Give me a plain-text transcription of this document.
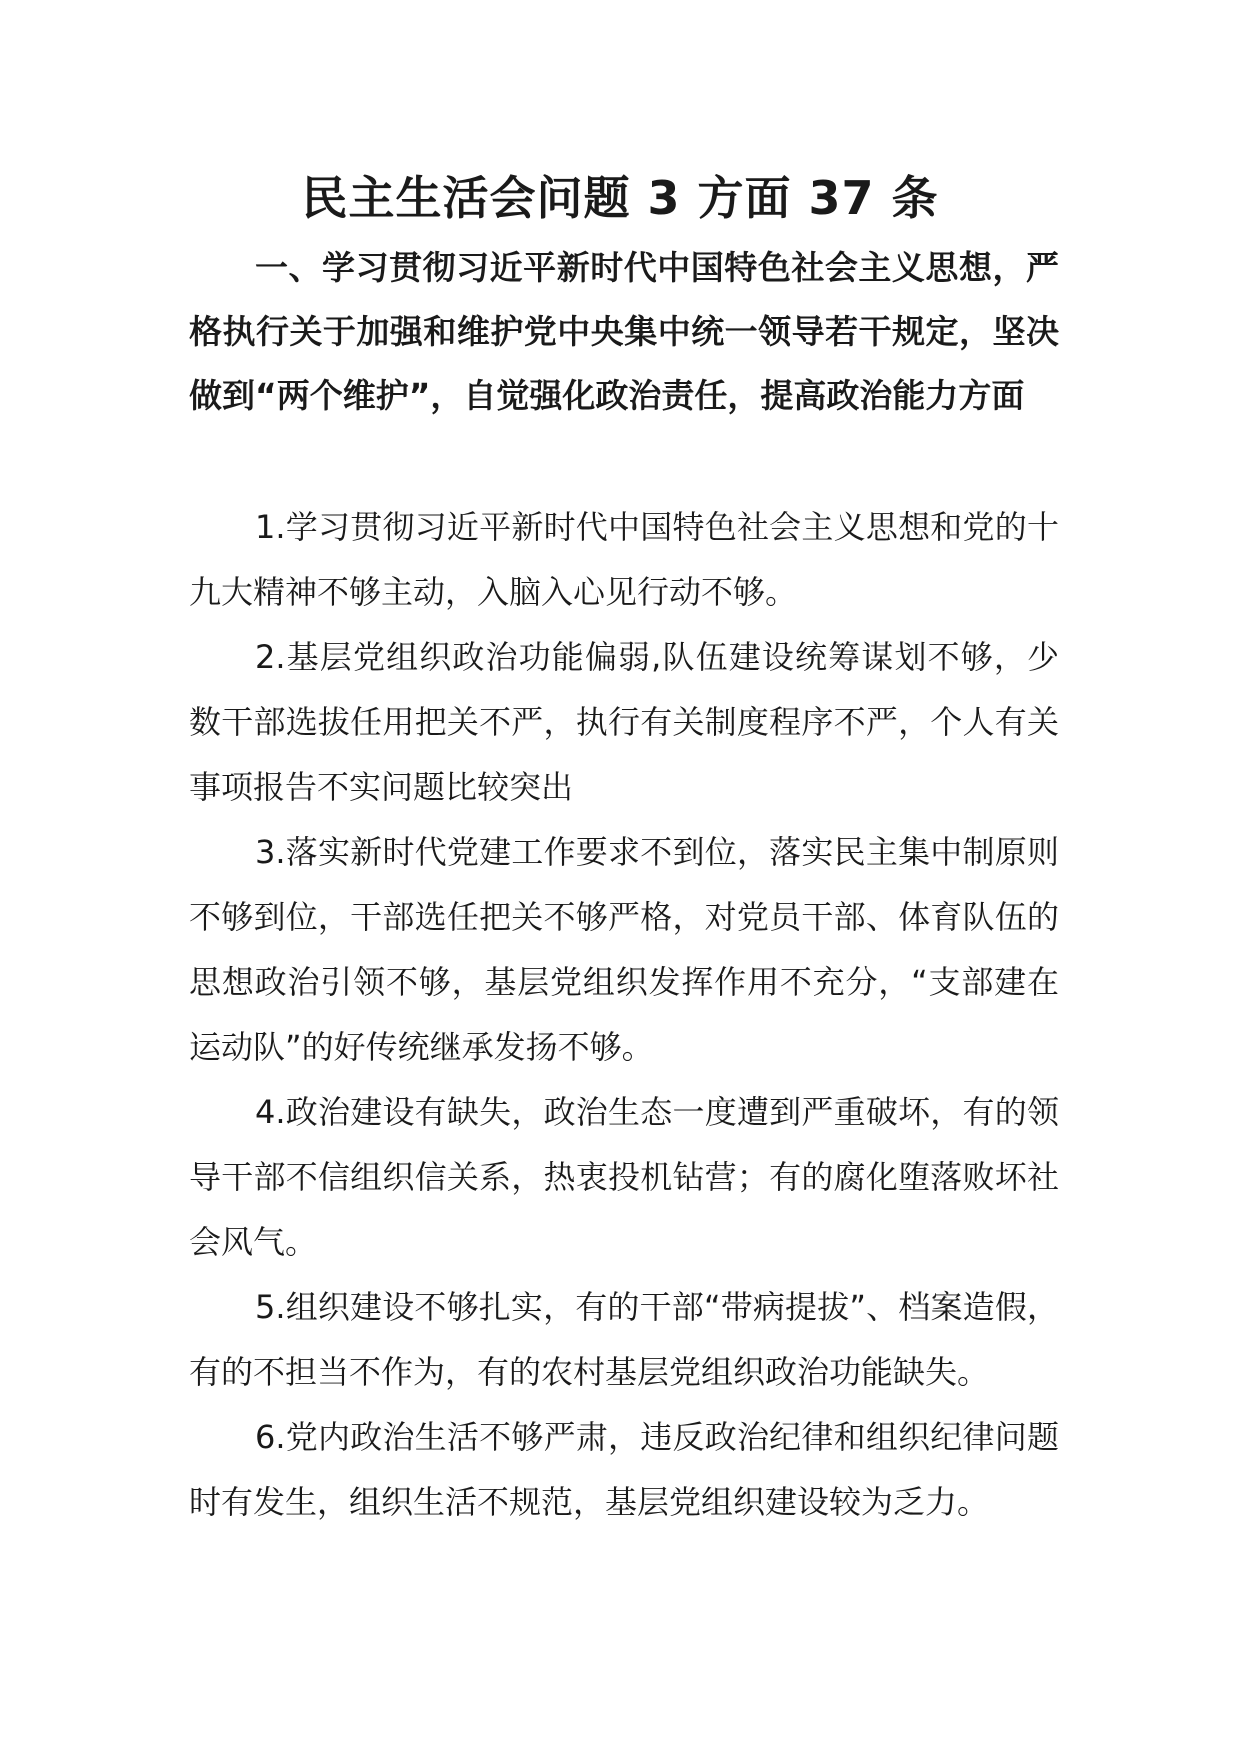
民主生活会问题 3 方面 37 条

一、学习贯彻习近平新时代中国特色社会主义思想，严格执行关于加强和维护党中央集中统一领导若干规定，坚决做到“两个维护”，自觉强化政治责任，提高政治能力方面

1.学习贯彻习近平新时代中国特色社会主义思想和党的十九大精神不够主动，入脑入心见行动不够。

2.基层党组织政治功能偏弱,队伍建设统筹谋划不够，少数干部选拔任用把关不严，执行有关制度程序不严，个人有关事项报告不实问题比较突出

3.落实新时代党建工作要求不到位，落实民主集中制原则不够到位，干部选任把关不够严格，对党员干部、体育队伍的思想政治引领不够，基层党组织发挥作用不充分，“支部建在运动队”的好传统继承发扬不够。

4.政治建设有缺失，政治生态一度遭到严重破坏，有的领导干部不信组织信关系，热衷投机钻营；有的腐化堕落败坏社会风气。

5.组织建设不够扎实，有的干部“带病提拔”、档案造假，有的不担当不作为，有的农村基层党组织政治功能缺失。

6.党内政治生活不够严肃，违反政治纪律和组织纪律问题时有发生，组织生活不规范，基层党组织建设较为乏力。
